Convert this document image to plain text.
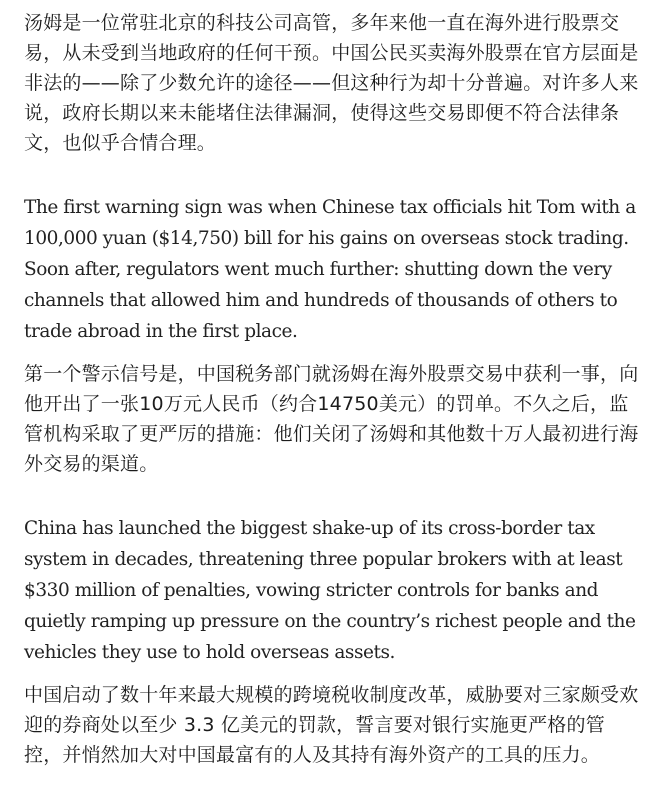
汤姆是一位常驻北京的科技公司高管，多年来他一直在海外进行股票交易，从未受到当地政府的任何干预。中国公民买卖海外股票在官方层面是非法的——除了少数允许的途径——但这种行为却十分普遍。对许多人来说，政府长期以来未能堵住法律漏洞，使得这些交易即便不符合法律条文，也似乎合情合理。

The first warning sign was when Chinese tax officials hit Tom with a 100,000 yuan ($14,750) bill for his gains on overseas stock trading. Soon after, regulators went much further: shutting down the very channels that allowed him and hundreds of thousands of others to trade abroad in the first place.

第一个警示信号是，中国税务部门就汤姆在海外股票交易中获利一事，向他开出了一张10万元人民币（约合14750美元）的罚单。不久之后，监管机构采取了更严厉的措施：他们关闭了汤姆和其他数十万人最初进行海外交易的渠道。

China has launched the biggest shake-up of its cross-border tax system in decades, threatening three popular brokers with at least $330 million of penalties, vowing stricter controls for banks and quietly ramping up pressure on the country’s richest people and the vehicles they use to hold overseas assets.

中国启动了数十年来最大规模的跨境税收制度改革，威胁要对三家颇受欢迎的券商处以至少 3.3 亿美元的罚款，誓言要对银行实施更严格的管控，并悄然加大对中国最富有的人及其持有海外资产的工具的压力。
